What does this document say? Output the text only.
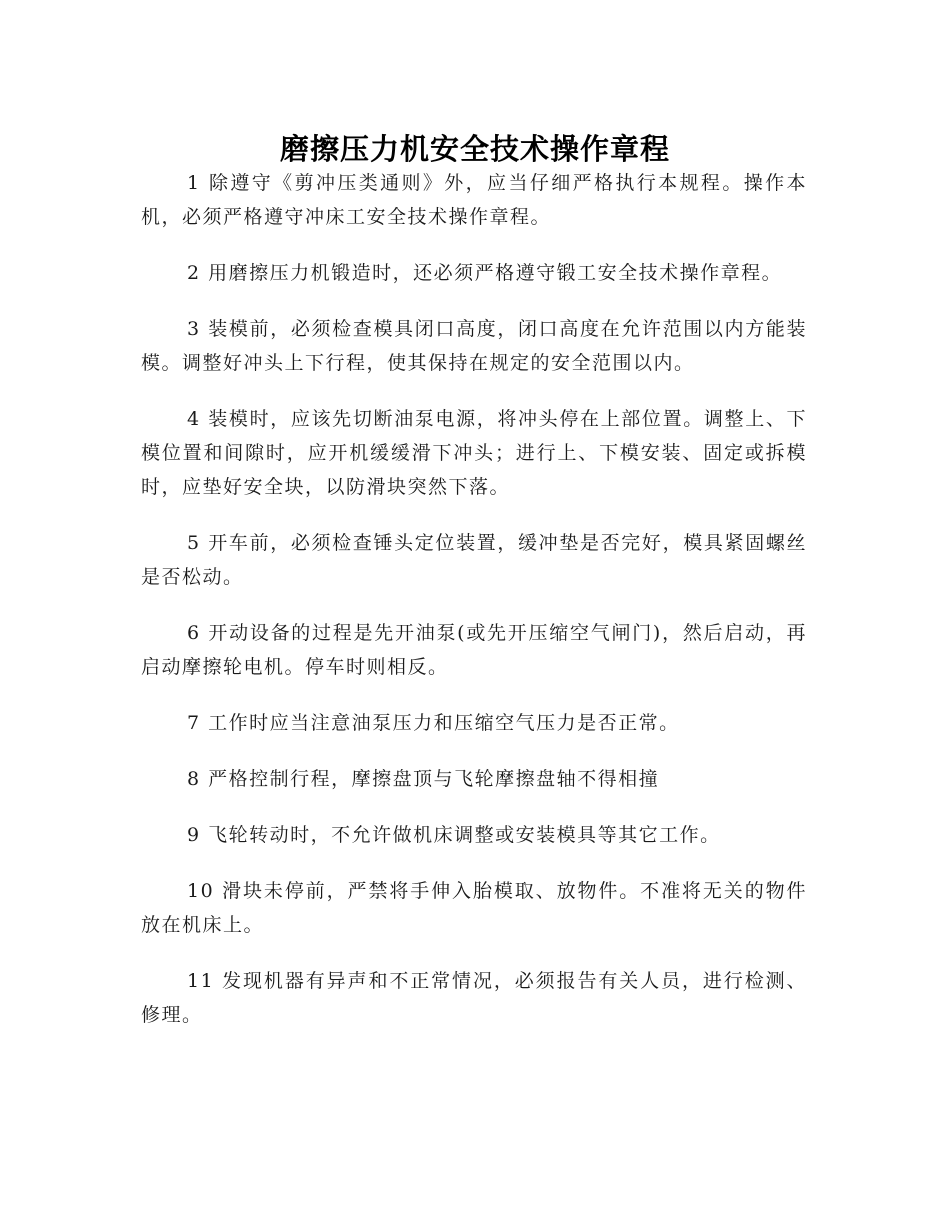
磨擦压力机安全技术操作章程

1 除遵守《剪冲压类通则》外，应当仔细严格执行本规程。操作本机，必须严格遵守冲床工安全技术操作章程。

2 用磨擦压力机锻造时，还必须严格遵守锻工安全技术操作章程。

3 装模前，必须检查模具闭口高度，闭口高度在允许范围以内方能装模。调整好冲头上下行程，使其保持在规定的安全范围以内。

4 装模时，应该先切断油泵电源，将冲头停在上部位置。调整上、下模位置和间隙时，应开机缓缓滑下冲头；进行上、下模安装、固定或拆模时，应垫好安全块，以防滑块突然下落。

5 开车前，必须检查锤头定位装置，缓冲垫是否完好，模具紧固螺丝是否松动。

6 开动设备的过程是先开油泵(或先开压缩空气闸门)，然后启动，再启动摩擦轮电机。停车时则相反。

7 工作时应当注意油泵压力和压缩空气压力是否正常。

8 严格控制行程，摩擦盘顶与飞轮摩擦盘轴不得相撞

9 飞轮转动时，不允许做机床调整或安装模具等其它工作。

10 滑块未停前，严禁将手伸入胎模取、放物件。不准将无关的物件放在机床上。

11 发现机器有异声和不正常情况，必须报告有关人员，进行检测、修理。
